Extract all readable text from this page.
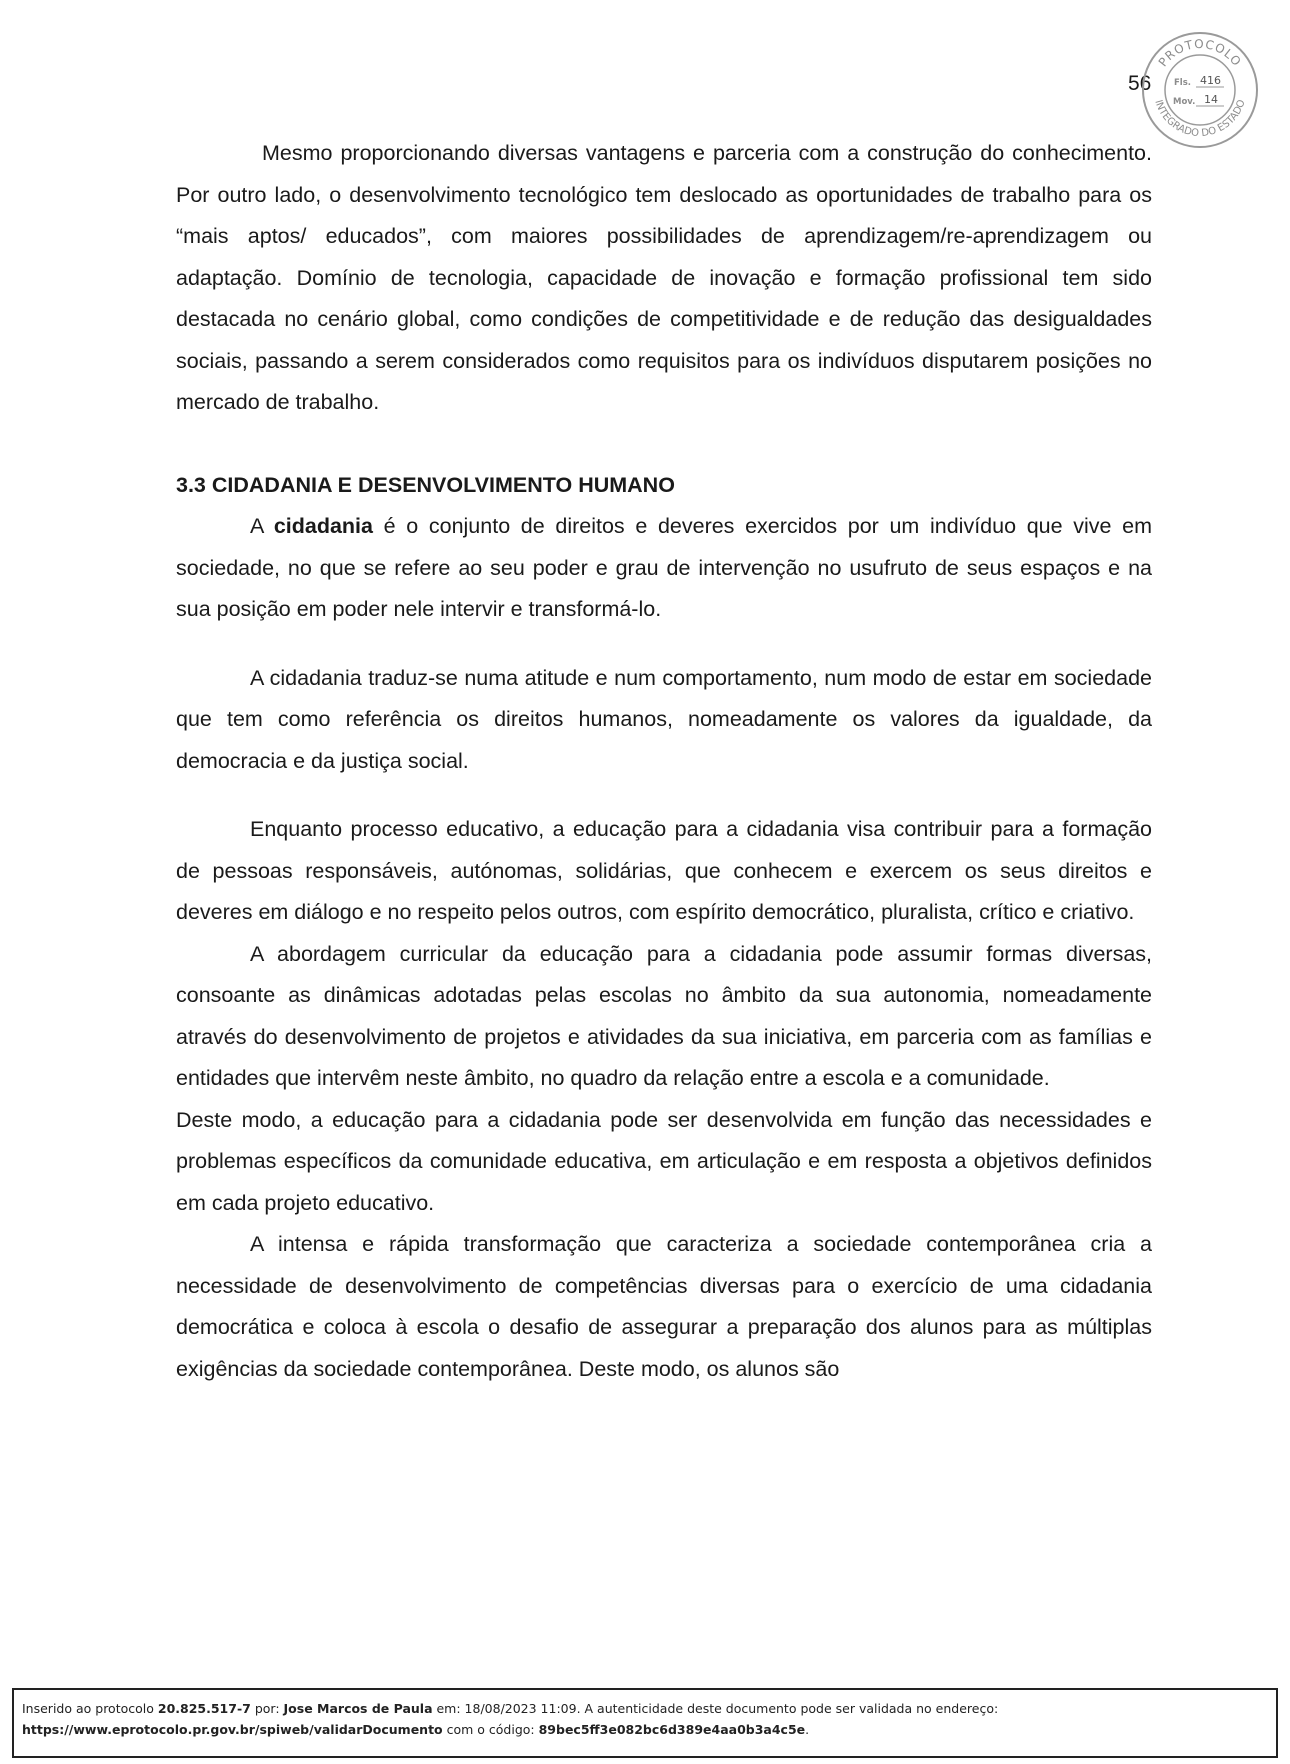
56
PROTOCOLO
INTEGRADO DO ESTADO
Fls. 416
Mov. 14

Mesmo proporcionando diversas vantagens e parceria com a construção do conhecimento. Por outro lado, o desenvolvimento tecnológico tem deslocado as oportunidades de trabalho para os “mais aptos/ educados”, com maiores possibilidades de aprendizagem/re-aprendizagem ou adaptação. Domínio de tecnologia, capacidade de inovação e formação profissional tem sido destacada no cenário global, como condições de competitividade e de redução das desigualdades sociais, passando a serem considerados como requisitos para os indivíduos disputarem posições no mercado de trabalho.

3.3 CIDADANIA E DESENVOLVIMENTO HUMANO

A cidadania é o conjunto de direitos e deveres exercidos por um indivíduo que vive em sociedade, no que se refere ao seu poder e grau de intervenção no usufruto de seus espaços e na sua posição em poder nele intervir e transformá-lo.

A cidadania traduz-se numa atitude e num comportamento, num modo de estar em sociedade que tem como referência os direitos humanos, nomeadamente os valores da igualdade, da democracia e da justiça social.

Enquanto processo educativo, a educação para a cidadania visa contribuir para a formação de pessoas responsáveis, autónomas, solidárias, que conhecem e exercem os seus direitos e deveres em diálogo e no respeito pelos outros, com espírito democrático, pluralista, crítico e criativo.

A abordagem curricular da educação para a cidadania pode assumir formas diversas, consoante as dinâmicas adotadas pelas escolas no âmbito da sua autonomia, nomeadamente através do desenvolvimento de projetos e atividades da sua iniciativa, em parceria com as famílias e entidades que intervêm neste âmbito, no quadro da relação entre a escola e a comunidade.

Deste modo, a educação para a cidadania pode ser desenvolvida em função das necessidades e problemas específicos da comunidade educativa, em articulação e em resposta a objetivos definidos em cada projeto educativo.

A intensa e rápida transformação que caracteriza a sociedade contemporânea cria a necessidade de desenvolvimento de competências diversas para o exercício de uma cidadania democrática e coloca à escola o desafio de assegurar a preparação dos alunos para as múltiplas exigências da sociedade contemporânea. Deste modo, os alunos são

Inserido ao protocolo 20.825.517-7 por: Jose Marcos de Paula em: 18/08/2023 11:09. A autenticidade deste documento pode ser validada no endereço:
https://www.eprotocolo.pr.gov.br/spiweb/validarDocumento com o código: 89bec5ff3e082bc6d389e4aa0b3a4c5e.
